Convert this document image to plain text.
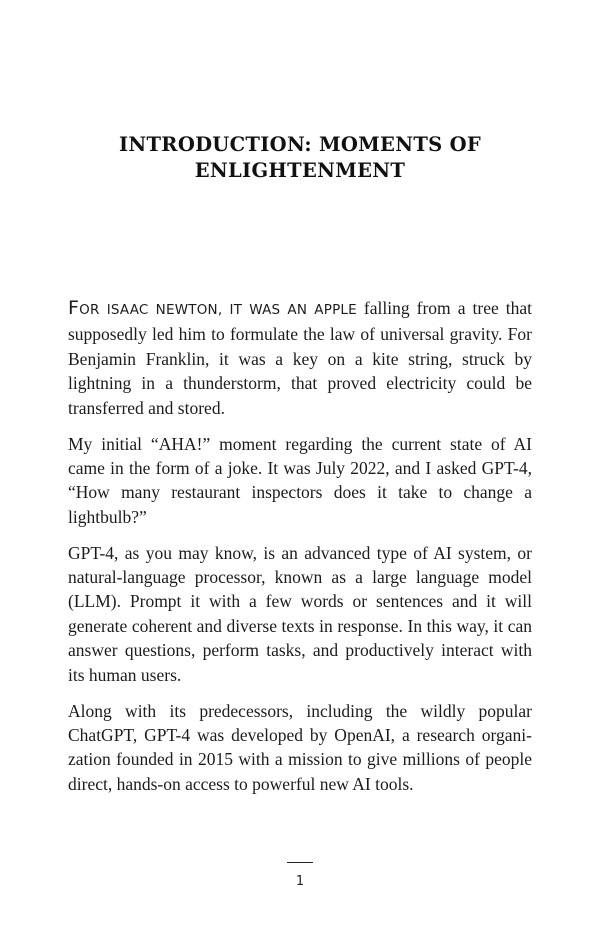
INTRODUCTION: MOMENTS OF
ENLIGHTENMENT

FOR ISAAC NEWTON, IT WAS AN APPLE falling from a tree that supposedly led him to formulate the law of universal gravity. For Benjamin Franklin, it was a key on a kite string, struck by lightning in a thunderstorm, that proved electricity could be transferred and stored.

My initial “AHA!” moment regarding the current state of AI came in the form of a joke. It was July 2022, and I asked GPT-4, “How many restaurant inspectors does it take to change a lightbulb?”

GPT-4, as you may know, is an advanced type of AI system, or natural-language processor, known as a large language model (LLM). Prompt it with a few words or sentences and it will generate coherent and diverse texts in response. In this way, it can answer questions, perform tasks, and productively interact with its human users.

Along with its predecessors, including the wildly popular ChatGPT, GPT-4 was developed by OpenAI, a research organization founded in 2015 with a mission to give millions of people direct, hands-on access to powerful new AI tools.

1
